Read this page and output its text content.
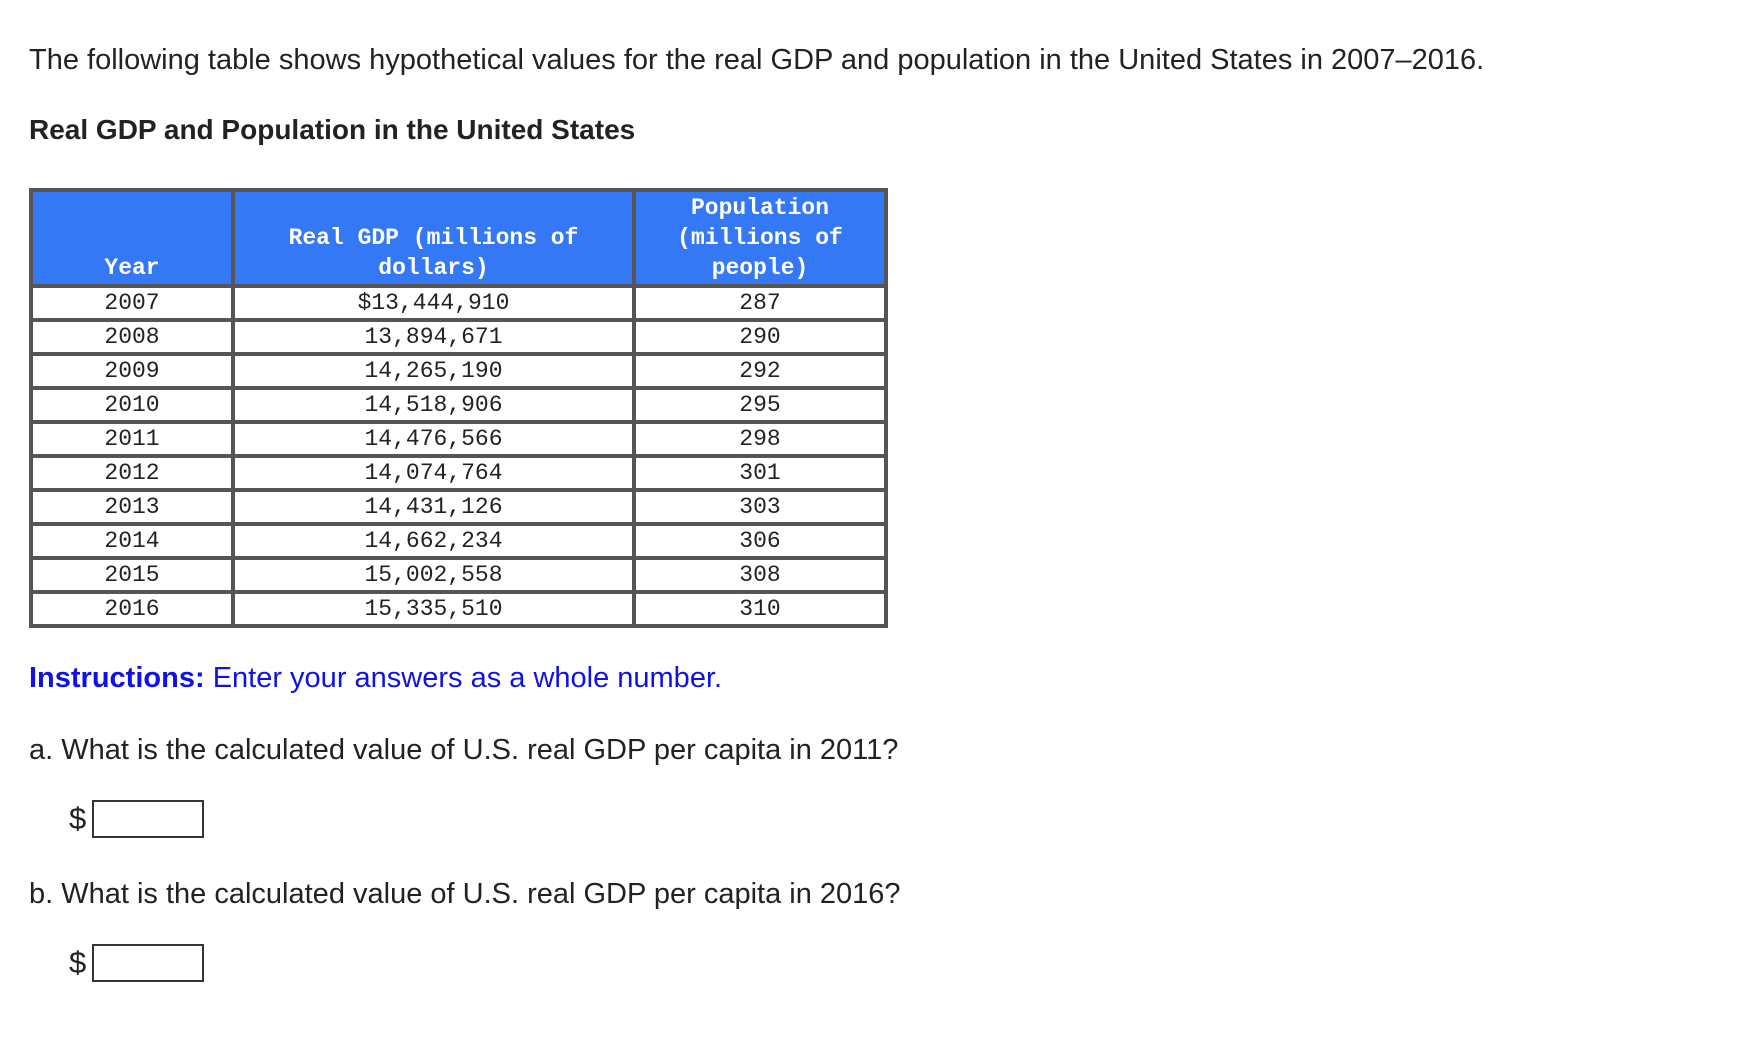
The following table shows hypothetical values for the real GDP and population in the United States in 2007–2016.
Real GDP and Population in the United States
Year	Real GDP (millions of dollars)	Population (millions of people)
2007	$13,444,910	287
2008	13,894,671	290
2009	14,265,190	292
2010	14,518,906	295
2011	14,476,566	298
2012	14,074,764	301
2013	14,431,126	303
2014	14,662,234	306
2015	15,002,558	308
2016	15,335,510	310
Instructions: Enter your answers as a whole number.
a. What is the calculated value of U.S. real GDP per capita in 2011?
$
b. What is the calculated value of U.S. real GDP per capita in 2016?
$
